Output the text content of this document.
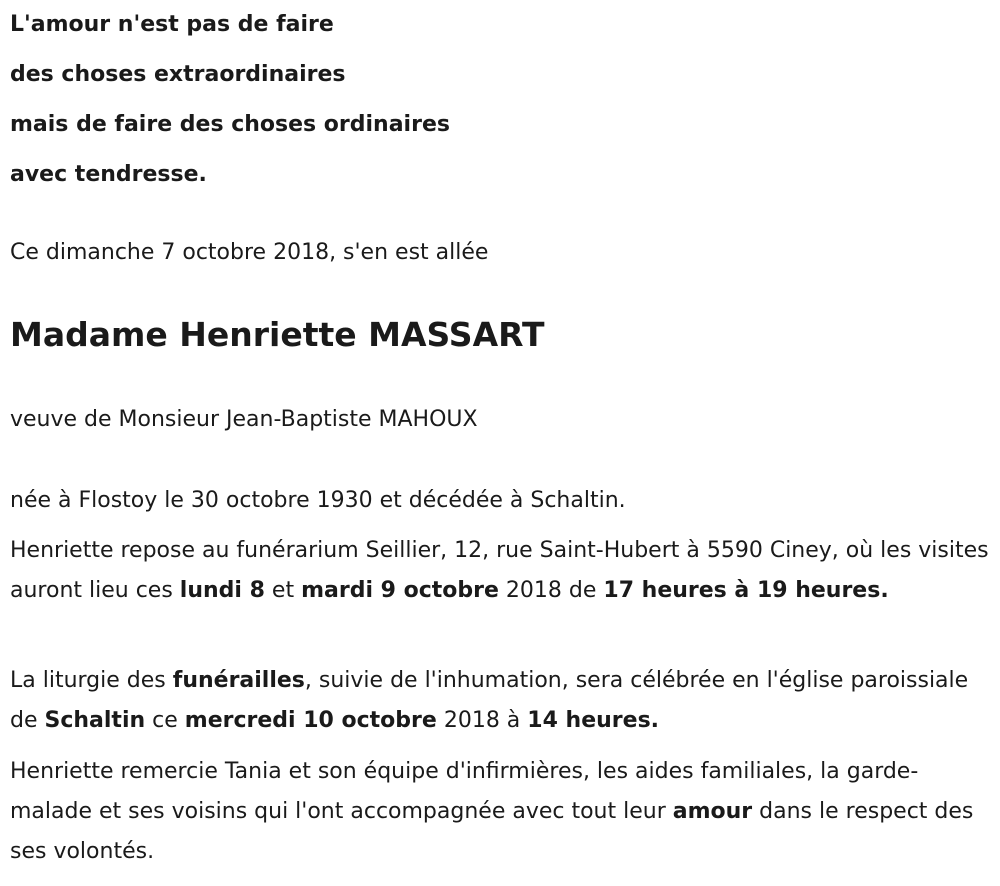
L'amour n'est pas de faire
des choses extraordinaires
mais de faire des choses ordinaires
avec tendresse.
Ce dimanche 7 octobre 2018, s'en est allée
Madame Henriette MASSART
veuve de Monsieur Jean-Baptiste MAHOUX
née à Flostoy le 30 octobre 1930 et décédée à Schaltin.

Henriette repose au funérarium Seillier, 12, rue Saint-Hubert à 5590 Ciney, où les visites auront lieu ces lundi 8 et mardi 9 octobre 2018 de 17 heures à 19 heures.

La liturgie des funérailles, suivie de l'inhumation, sera célébrée en l'église paroissiale de Schaltin ce mercredi 10 octobre 2018 à 14 heures.

Henriette remercie Tania et son équipe d'infirmières, les aides familiales, la garde-malade et ses voisins qui l'ont accompagnée avec tout leur amour dans le respect des ses volontés.
